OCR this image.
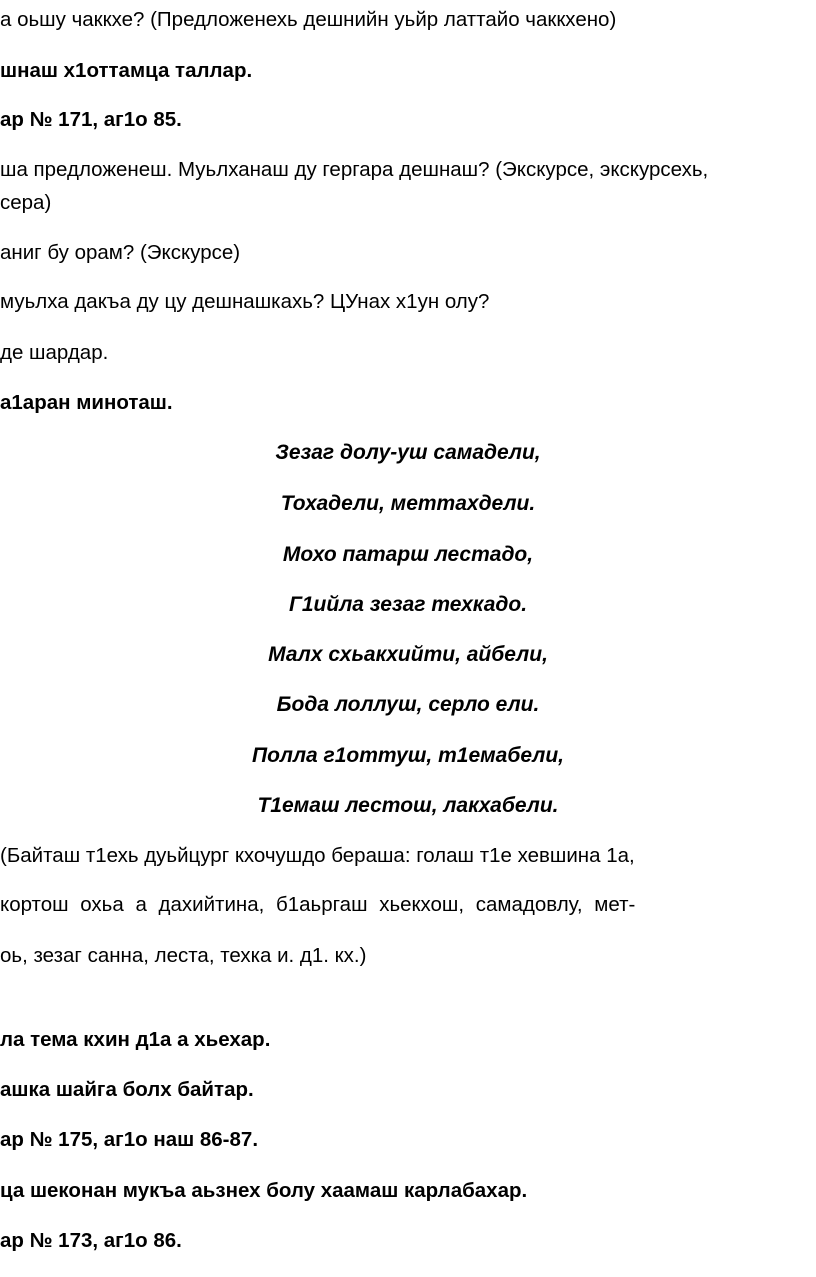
а оьшу чаккхе? (Предложенехь дешнийн уьйр латтайо чаккхено)
шнаш х1оттамца таллар.
ар № 171, аг1о 85.
ша предложенеш. Муьлханаш ду гергара дешнаш? (Экскурсе, экскурсехь,
сера)
аниг бу орам? (Экскурсе)
муьлха дакъа ду цу дешнашкахь? ЦУнах х1ун олу?
де шардар.
а1аран миноташ.
Зезаг долу-уш самадели,
Тохадели, меттахдели.
Мохо патарш лестадо,
Г1ийла зезаг техкадо.
Малх схьакхийти, айбели,
Бода лоллуш, серло ели.
Полла г1оттуш, т1емабели,
Т1емаш лестош, лакхабели.
(Байташ т1ехь дуьйцург кхочушдо бераша: голаш т1е хевшина 1а,
кортош охьа а дахийтина, б1аьргаш хьекхош, самадовлу, мет-
оь, зезаг санна, леста, техка и. д1. кх.)
ла тема кхин д1а а хьехар.
ашка шайга болх байтар.
ар № 175, аг1о наш 86-87.
ца шеконан мукъа аьзнех болу хаамаш карлабахар.
ар № 173, аг1о 86.
